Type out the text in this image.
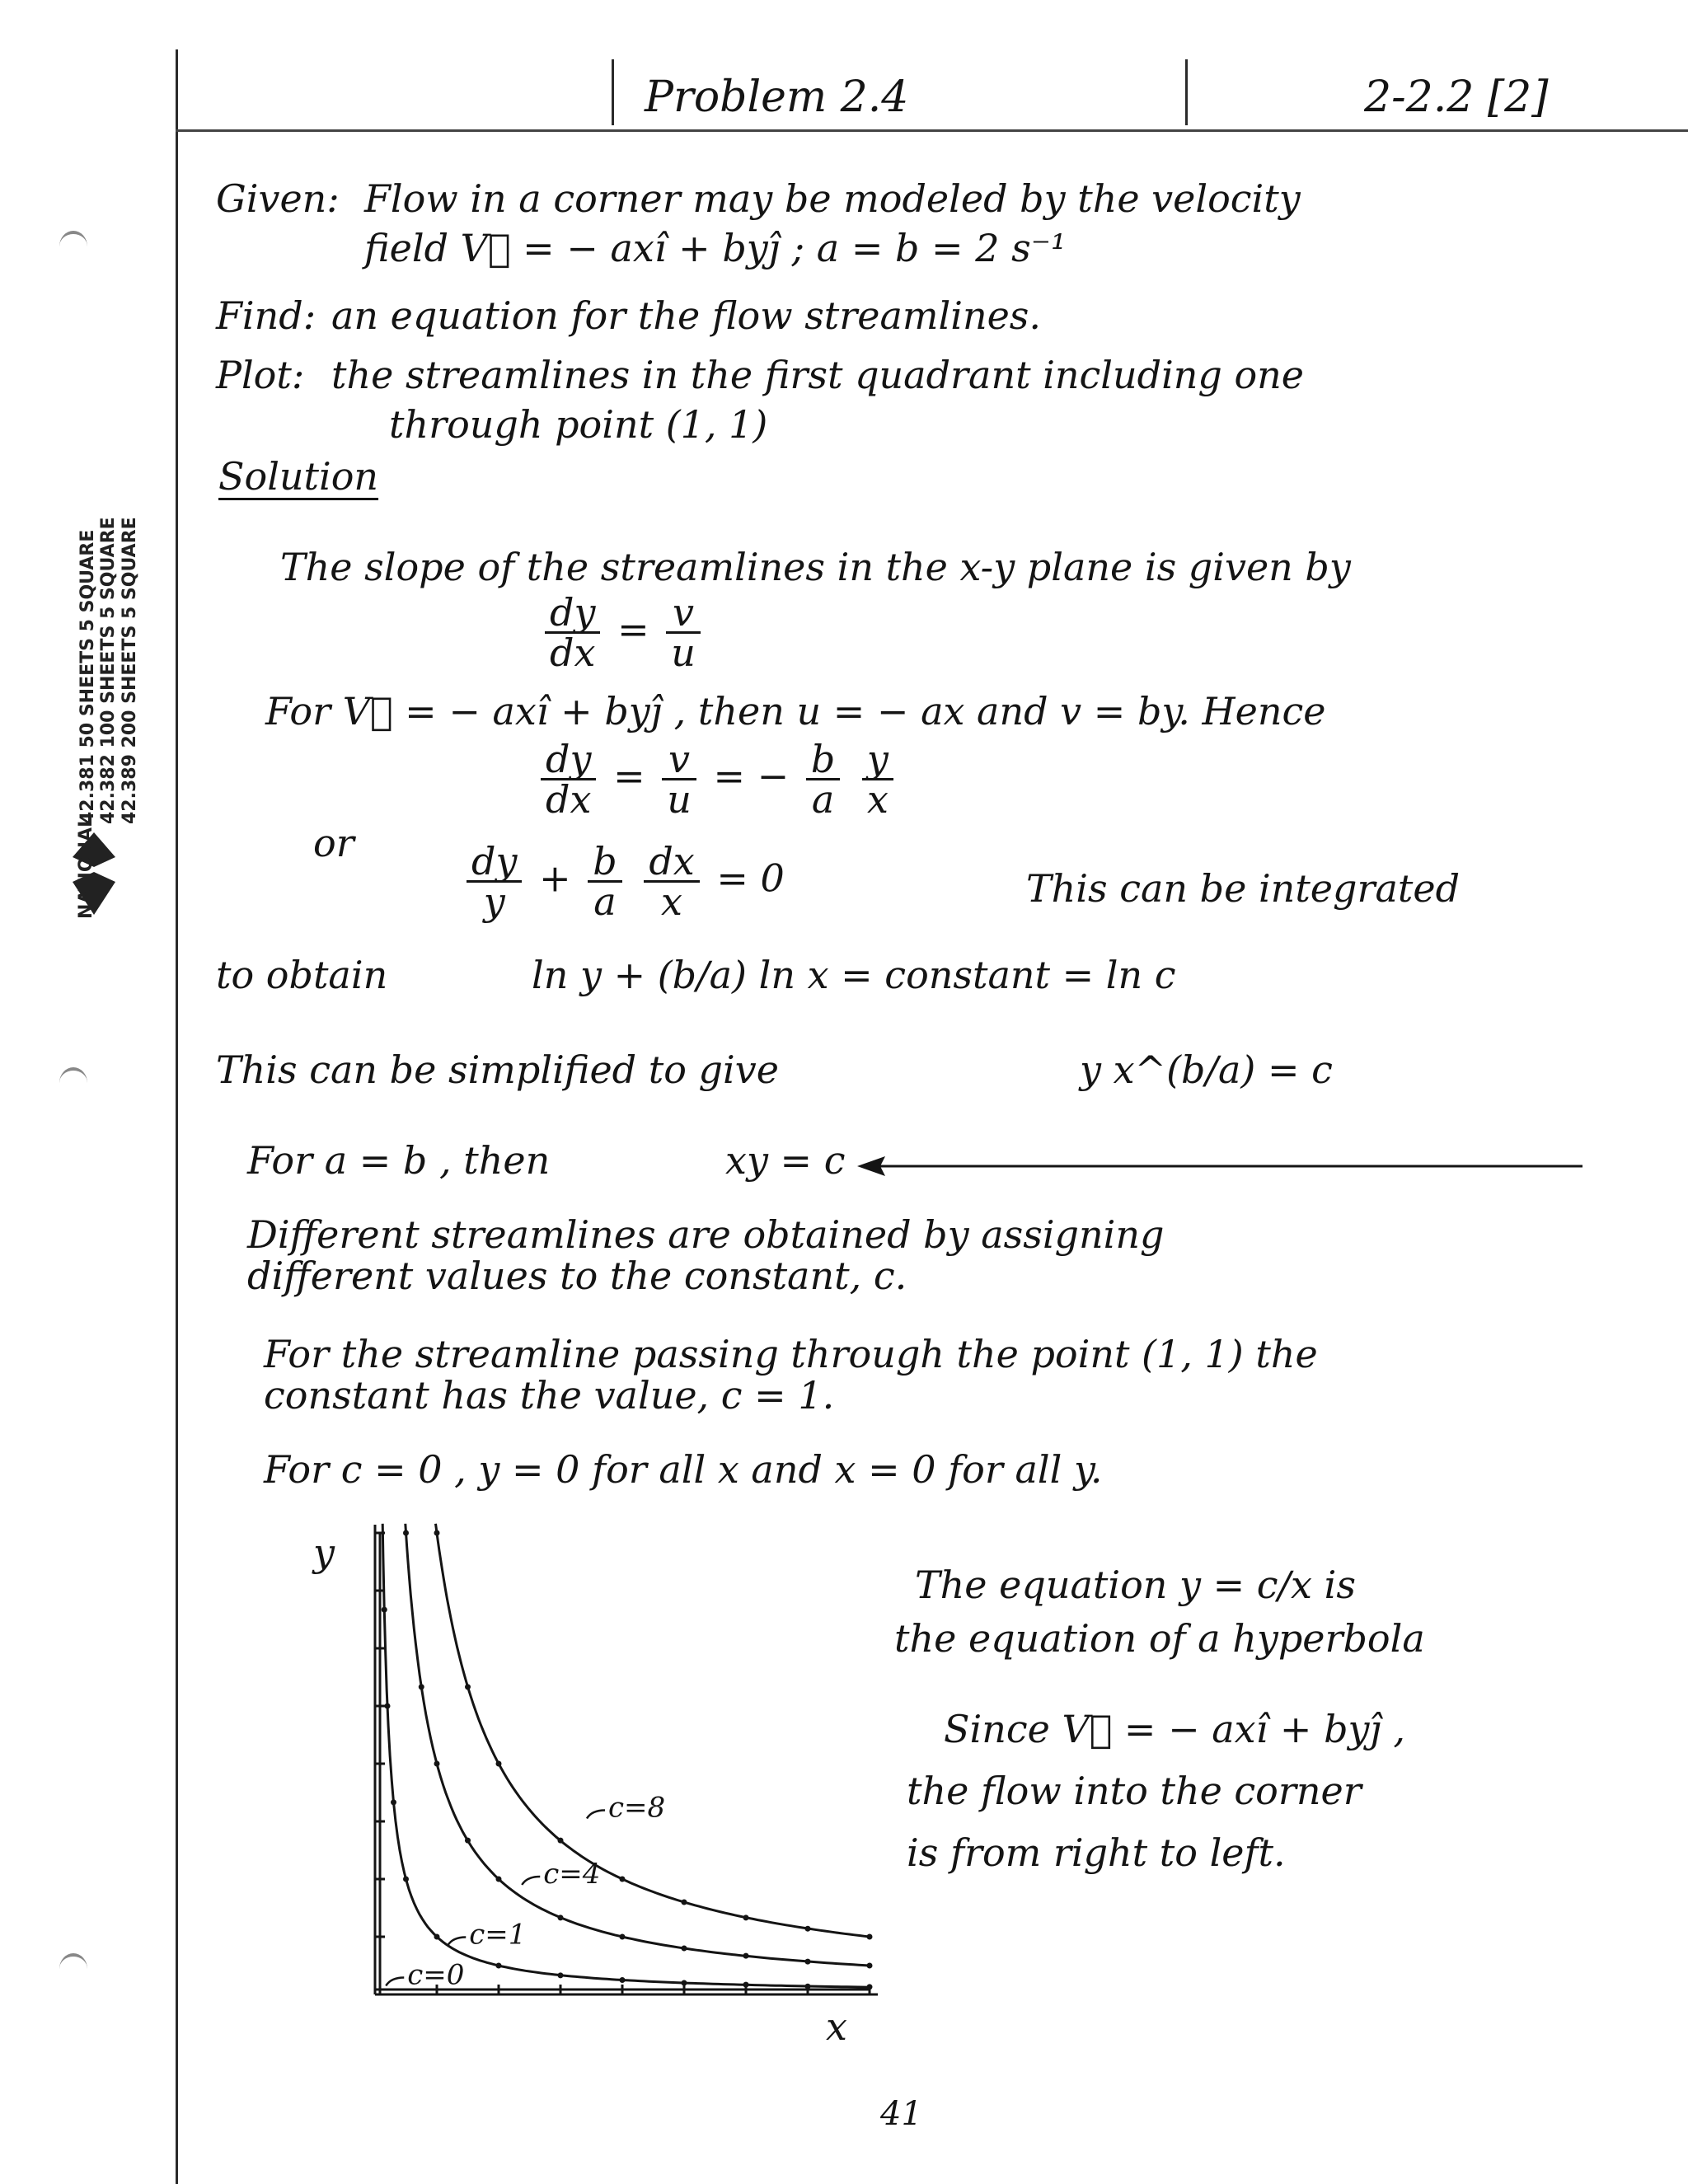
Problem 2.4	2-2.2 [2]
NATIONAL
42.381 50 SHEETS 5 SQUARE 42.382 100 SHEETS 5 SQUARE 42.389 200 SHEETS 5 SQUARE
Given: Flow in a corner may be modeled by the velocity
field V⃗ = − axî + byĵ ; a = b = 2 s⁻¹
Find: an equation for the flow streamlines.
Plot: the streamlines in the first quadrant including one
through point (1, 1)
Solution
The slope of the streamlines in the x-y plane is given by
$\frac{dy}{dx} = \frac{v}{u}$
For V⃗ = − axî + byĵ , then u = − ax and v = by. Hence
$\frac{dy}{dx} = \frac{v}{u}$ = − $\frac{b}{a}$
$\frac{y}{x}$
or	$\frac{dy}{y} + \frac{b}{a}$
$\frac{dx}{x} = 0$	This can be integrated
to obtain	ln y + (b/a) ln x = constant = ln c
This can be simplified to give	y x^(b/a) = c
For a = b , then	xy = c
Different streamlines are obtained by assigning
different values to the constant, c.
For the streamline passing through the point (1, 1) the
constant has the value, c = 1.
For c = 0 , y = 0 for all x and x = 0 for all y.
The equation y = c/x is
the equation of a hyperbola
Since V⃗ = − axî + byĵ ,
the flow into the corner
is from right to left.
c=8
c=4
c=1
c=0
y
x
41
